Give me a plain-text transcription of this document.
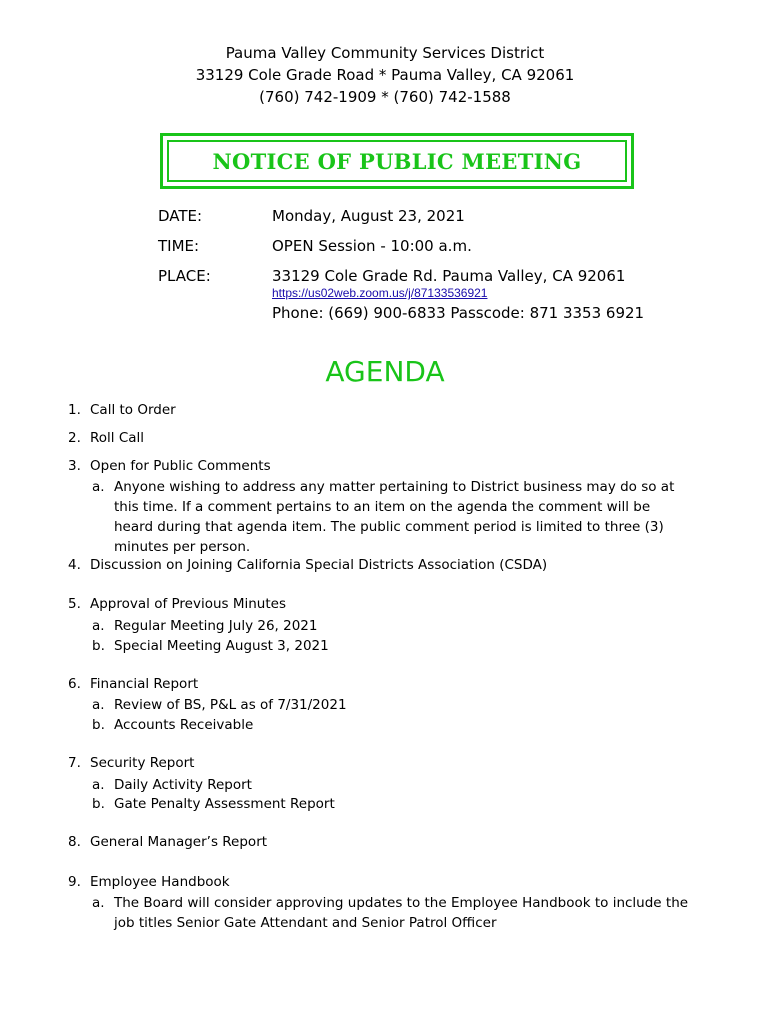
Pauma Valley Community Services District
33129 Cole Grade Road * Pauma Valley, CA 92061
(760) 742-1909 * (760) 742-1588
NOTICE OF PUBLIC MEETING
DATE:	Monday, August 23, 2021
TIME:	OPEN Session - 10:00 a.m.
PLACE:	33129 Cole Grade Rd. Pauma Valley, CA 92061
https://us02web.zoom.us/j/87133536921
Phone: (669) 900-6833 Passcode: 871 3353 6921
AGENDA
1. Call to Order
2. Roll Call
3. Open for Public Comments
a. Anyone wishing to address any matter pertaining to District business may do so at this time. If a comment pertains to an item on the agenda the comment will be heard during that agenda item. The public comment period is limited to three (3) minutes per person.
4. Discussion on Joining California Special Districts Association (CSDA)
5. Approval of Previous Minutes
a. Regular Meeting July 26, 2021
b. Special Meeting August 3, 2021
6. Financial Report
a. Review of BS, P&L as of 7/31/2021
b. Accounts Receivable
7. Security Report
a. Daily Activity Report
b. Gate Penalty Assessment Report
8. General Manager’s Report
9. Employee Handbook
a. The Board will consider approving updates to the Employee Handbook to include the job titles Senior Gate Attendant and Senior Patrol Officer
